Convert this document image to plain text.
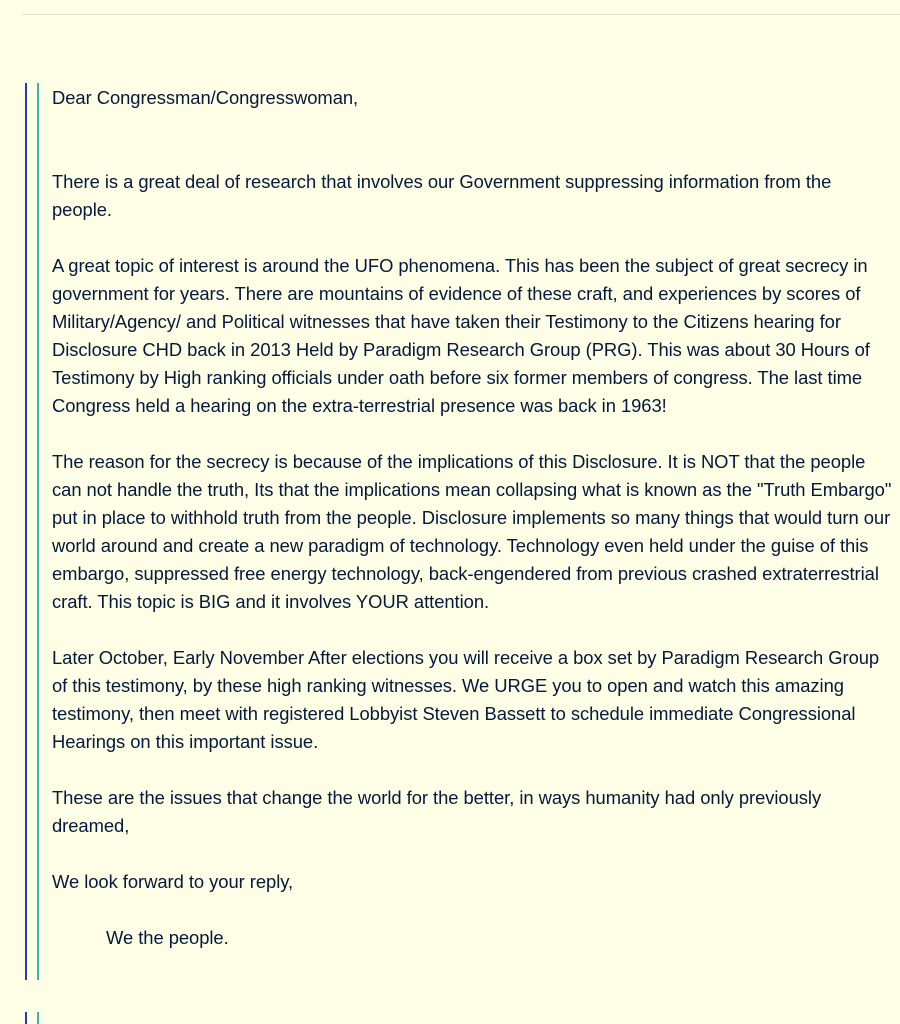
Dear Congressman/Congresswoman,

There is a great deal of research that involves our Government suppressing information from the people.

A great topic of interest is around the UFO phenomena. This has been the subject of great secrecy in government for years. There are mountains of evidence of these craft, and experiences by scores of Military/Agency/ and Political witnesses that have taken their Testimony to the Citizens hearing for Disclosure CHD back in 2013 Held by Paradigm Research Group (PRG). This was about 30 Hours of Testimony by High ranking officials under oath before six former members of congress. The last time Congress held a hearing on the extra-terrestrial presence was back in 1963!

The reason for the secrecy is because of the implications of this Disclosure. It is NOT that the people can not handle the truth, Its that the implications mean collapsing what is known as the "Truth Embargo" put in place to withhold truth from the people. Disclosure implements so many things that would turn our world around and create a new paradigm of technology. Technology even held under the guise of this embargo, suppressed free energy technology, back-engendered from previous crashed extraterrestrial craft. This topic is BIG and it involves YOUR attention.

Later October, Early November After elections you will receive a box set by Paradigm Research Group of this testimony, by these high ranking witnesses. We URGE you to open and watch this amazing testimony, then meet with registered Lobbyist Steven Bassett to schedule immediate Congressional Hearings on this important issue.

These are the issues that change the world for the better, in ways humanity had only previously dreamed,

We look forward to your reply,

We the people.
